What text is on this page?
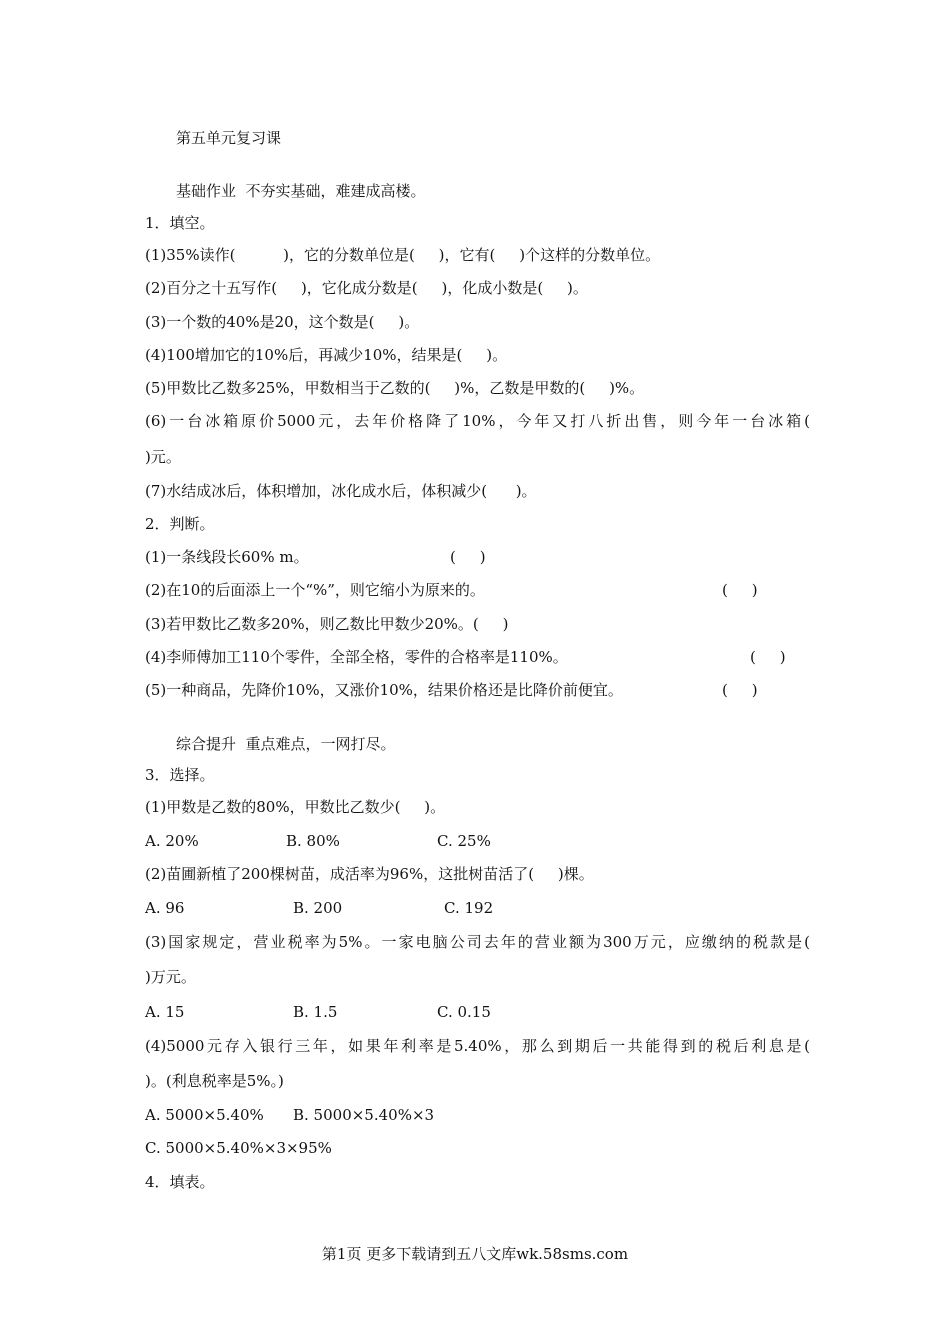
第五单元复习课
基础作业  不夯实基础，难建成高楼。
1．填空。
(1)35%读作(          )，它的分数单位是(     )，它有(     )个这样的分数单位。
(2)百分之十五写作(     )，它化成分数是(     )，化成小数是(     )。
(3)一个数的40%是20，这个数是(     )。
(4)100增加它的10%后，再减少10%，结果是(     )。
(5)甲数比乙数多25%，甲数相当于乙数的(     )%，乙数是甲数的(     )%。
(6)一台冰箱原价5000元，去年价格降了10%，今年又打八折出售，则今年一台冰箱(
)元。
(7)水结成冰后，体积增加，冰化成水后，体积减少(      )。
2．判断。
(1)一条线段长60% m。	(     )
(2)在10的后面添上一个“%”，则它缩小为原来的。	(     )
(3)若甲数比乙数多20%，则乙数比甲数少20%。(     )
(4)李师傅加工110个零件，全部全格，零件的合格率是110%。	(     )
(5)一种商品，先降价10%，又涨价10%，结果价格还是比降价前便宜。	(     )
综合提升  重点难点，一网打尽。
3．选择。
(1)甲数是乙数的80%，甲数比乙数少(     )。
A. 20%	B. 80%	C. 25%
(2)苗圃新植了200棵树苗，成活率为96%，这批树苗活了(     )棵。
A. 96	B. 200	C. 192
(3)国家规定，营业税率为5%。一家电脑公司去年的营业额为300万元，应缴纳的税款是(
)万元。
A. 15	B. 1.5	C. 0.15
(4)5000元存入银行三年，如果年利率是5.40%，那么到期后一共能得到的税后利息是(
)。(利息税率是5%。)
A. 5000×5.40% B. 5000×5.40%×3
C. 5000×5.40%×3×95%
4．填表。
第1页 更多下载请到五八文库wk.58sms.com
